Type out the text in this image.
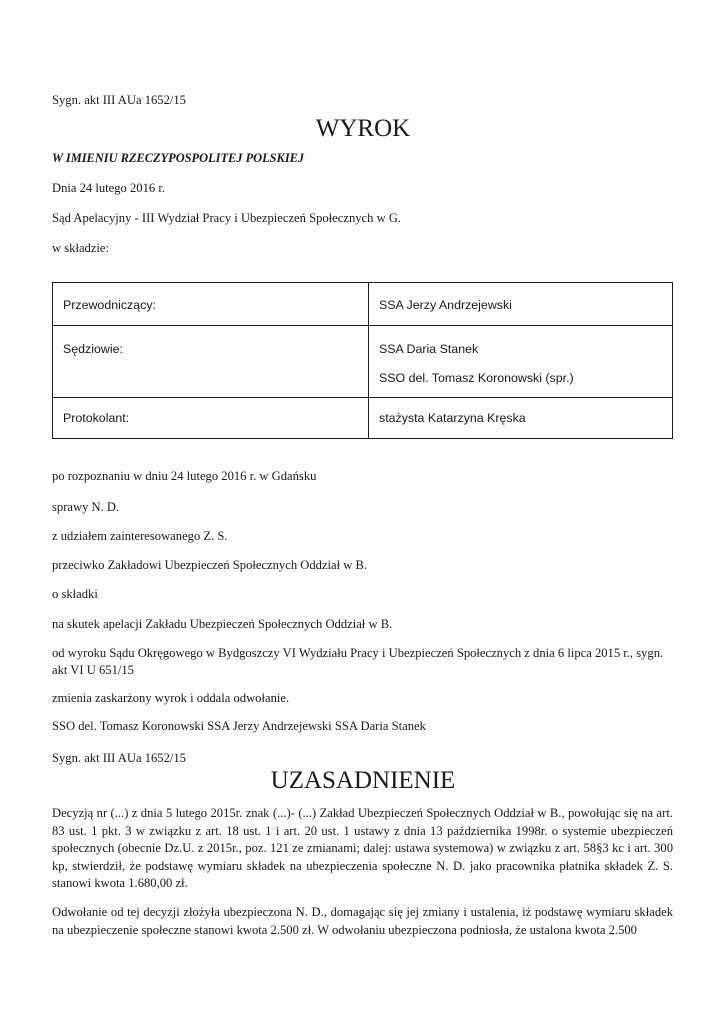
Sygn. akt III AUa 1652/15
WYROK
W IMIENIU RZECZYPOSPOLITEJ POLSKIEJ
Dnia 24 lutego 2016 r.
Sąd Apelacyjny - III Wydział Pracy i Ubezpieczeń Społecznych w G.
w składzie:
Przewodniczący:	SSA Jerzy Andrzejewski

Sędziowie:	SSA Daria Stanek
SSO del. Tomasz Koronowski (spr.)

Protokolant:	stażysta Katarzyna Kręska
po rozpoznaniu w dniu 24 lutego 2016 r. w Gdańsku
sprawy N. D.
z udziałem zainteresowanego Z. S.
przeciwko Zakładowi Ubezpieczeń Społecznych Oddział w B.
o składki
na skutek apelacji Zakładu Ubezpieczeń Społecznych Oddział w B.
od wyroku Sądu Okręgowego w Bydgoszczy VI Wydziału Pracy i Ubezpieczeń Społecznych z dnia 6 lipca 2015 r., sygn.
akt VI U 651/15
zmienia zaskarżony wyrok i oddala odwołanie.
SSO del. Tomasz Koronowski SSA Jerzy Andrzejewski SSA Daria Stanek
Sygn. akt III AUa 1652/15
UZASADNIENIE
Decyzją nr (...) z dnia 5 lutego 2015r. znak (...)- (...) Zakład Ubezpieczeń Społecznych Oddział w B., powołując się na art. 83 ust. 1 pkt. 3 w związku z art. 18 ust. 1 i art. 20 ust. 1 ustawy z dnia 13 października 1998r. o systemie ubezpieczeń społecznych (obecnie Dz.U. z 2015r., poz. 121 ze zmianami; dalej: ustawa systemowa) w związku z art. 58§3 kc i art. 300 kp, stwierdził, że podstawę wymiaru składek na ubezpieczenia społeczne N. D. jako pracownika płatnika składek Z. S. stanowi kwota 1.680,00 zł.
Odwołanie od tej decyzji złożyła ubezpieczona N. D., domagając się jej zmiany i ustalenia, iż podstawę wymiaru składek na ubezpieczenie społeczne stanowi kwota 2.500 zł. W odwołaniu ubezpieczona podniosła, że ustalona kwota 2.500
